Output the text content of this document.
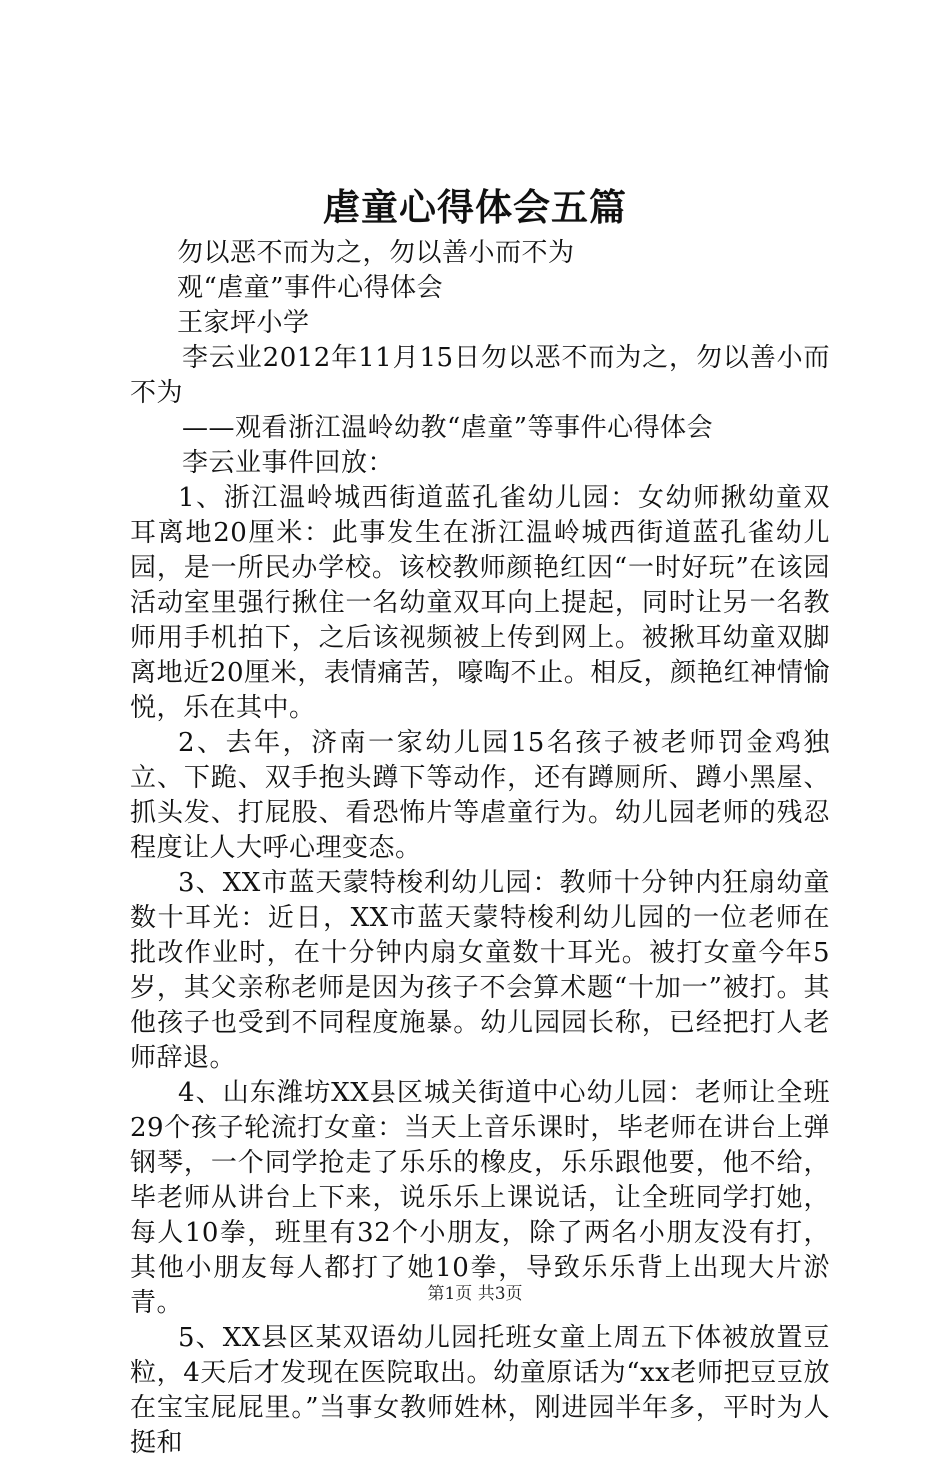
虐童心得体会五篇

勿以恶不而为之，勿以善小而不为

观“虐童”事件心得体会

王家坪小学

李云业2012年11月15日勿以恶不而为之，勿以善小而不为

——观看浙江温岭幼教“虐童”等事件心得体会

李云业事件回放：

1、浙江温岭城西街道蓝孔雀幼儿园：女幼师揪幼童双耳离地20厘米：此事发生在浙江温岭城西街道蓝孔雀幼儿园，是一所民办学校。该校教师颜艳红因“一时好玩”在该园活动室里强行揪住一名幼童双耳向上提起，同时让另一名教师用手机拍下，之后该视频被上传到网上。被揪耳幼童双脚离地近20厘米，表情痛苦，嚎啕不止。相反，颜艳红神情愉悦，乐在其中。

2、去年，济南一家幼儿园15名孩子被老师罚金鸡独立、下跪、双手抱头蹲下等动作，还有蹲厕所、蹲小黑屋、抓头发、打屁股、看恐怖片等虐童行为。幼儿园老师的残忍程度让人大呼心理变态。

3、XX市蓝天蒙特梭利幼儿园：教师十分钟内狂扇幼童数十耳光：近日，XX市蓝天蒙特梭利幼儿园的一位老师在批改作业时，在十分钟内扇女童数十耳光。被打女童今年5岁，其父亲称老师是因为孩子不会算术题“十加一”被打。其他孩子也受到不同程度施暴。幼儿园园长称，已经把打人老师辞退。

4、山东潍坊XX县区城关街道中心幼儿园：老师让全班29个孩子轮流打女童：当天上音乐课时，毕老师在讲台上弹钢琴，一个同学抢走了乐乐的橡皮，乐乐跟他要，他不给，毕老师从讲台上下来，说乐乐上课说话，让全班同学打她，每人10拳，班里有32个小朋友，除了两名小朋友没有打，其他小朋友每人都打了她10拳，导致乐乐背上出现大片淤青。

5、XX县区某双语幼儿园托班女童上周五下体被放置豆粒，4天后才发现在医院取出。幼童原话为“xx老师把豆豆放在宝宝屁屁里。”当事女教师姓林，刚进园半年多，平时为人挺和

第1页 共3页
